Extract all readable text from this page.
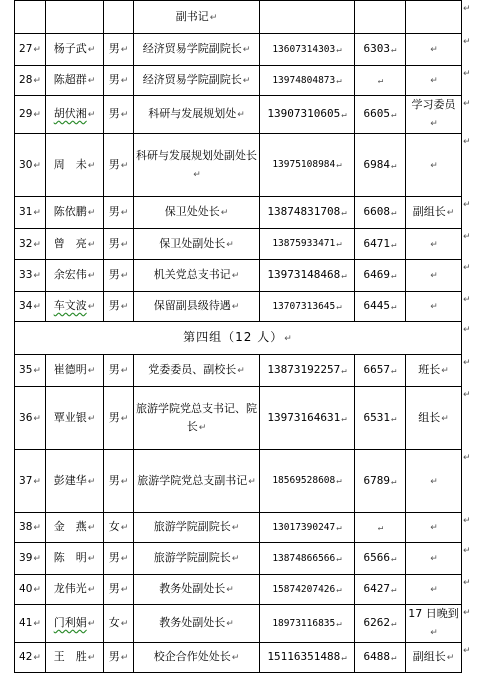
			副书记↵			
27↵	杨子武↵	男↵	经济贸易学院副院长↵	13607314303↵	6303↵	↵
28↵	陈超群↵	男↵	经济贸易学院副院长↵	13974804873↵	↵	↵
29↵	胡伏湘↵	男↵	科研与发展规划处↵	13907310605↵	6605↵	学习委员↵
30↵	周　未↵	男↵	科研与发展规划处副处长↵	13975108984↵	6984↵	↵
31↵	陈依鹏↵	男↵	保卫处处长↵	13874831708↵	6608↵	副组长↵
32↵	曾　亮↵	男↵	保卫处副处长↵	13875933471↵	6471↵	↵
33↵	余宏伟↵	男↵	机关党总支书记↵	13973148468↵	6469↵	↵
34↵	车文波↵	男↵	保留副县级待遇↵	13707313645↵	6445↵	↵
第四组（12 人）↵						
35↵	崔德明↵	男↵	党委委员、副校长↵	13873192257↵	6657↵	班长↵
36↵	覃业银↵	男↵	旅游学院党总支书记、院长↵	13973164631↵	6531↵	组长↵
37↵	彭建华↵	男↵	旅游学院党总支副书记↵	18569528608↵	6789↵	↵
38↵	金　燕↵	女↵	旅游学院副院长↵	13017390247↵	↵	↵
39↵	陈　明↵	男↵	旅游学院副院长↵	13874866566↵	6566↵	↵
40↵	龙伟光↵	男↵	教务处副处长↵	15874207426↵	6427↵	↵
41↵	门利娟↵	女↵	教务处副处长↵	18973116835↵	6262↵	17 日晚到↵
42↵	王　胜↵	男↵	校企合作处处长↵	15116351488↵	6488↵	副组长↵
↵
↵
↵
↵
↵
↵
↵
↵
↵
↵
↵
↵
↵
↵
↵
↵
↵
↵
